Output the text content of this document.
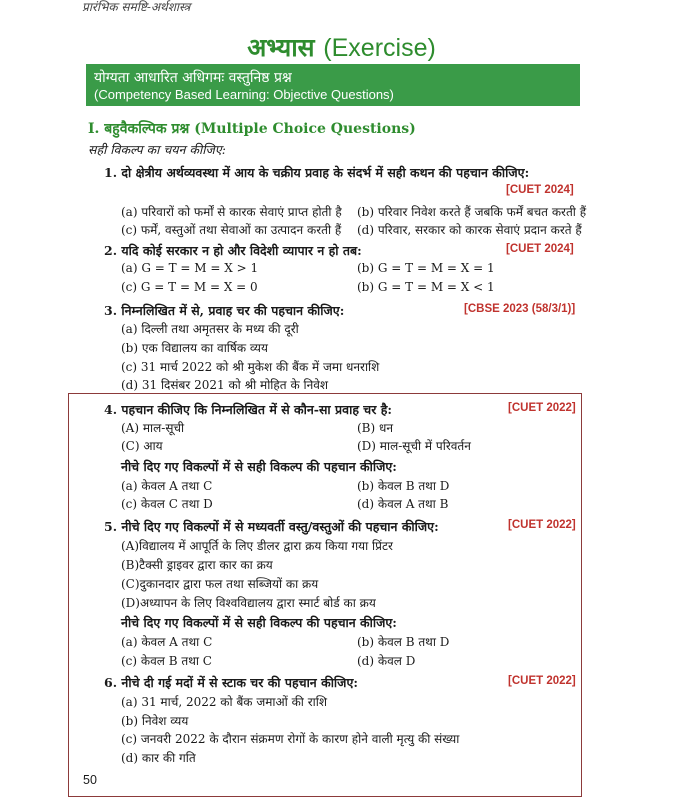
प्रारंभिक समष्टि-अर्थशास्त्र
अभ्यास (Exercise)
योग्यता आधारित अधिगमः वस्तुनिष्ठ प्रश्न
(Competency Based Learning: Objective Questions)
I. बहुवैकल्पिक प्रश्न (Multiple Choice Questions)
सही विकल्प का चयन कीजिए:
1. दो क्षेत्रीय अर्थव्यवस्था में आय के चक्रीय प्रवाह के संदर्भ में सही कथन की पहचान कीजिए:
[CUET 2024]
(a) परिवारों को फर्मों से कारक सेवाएं प्राप्त होती है (b) परिवार निवेश करते हैं जबकि फर्में बचत करती हैं
(c) फर्में, वस्तुओं तथा सेवाओं का उत्पादन करती हैं (d) परिवार, सरकार को कारक सेवाएं प्रदान करते हैं
2. यदि कोई सरकार न हो और विदेशी व्यापार न हो तब:	[CUET 2024]
(a) G = T = M = X > 1	(b) G = T = M = X = 1
(c) G = T = M = X = 0	(b) G = T = M = X < 1
3. निम्नलिखित में से, प्रवाह चर की पहचान कीजिए:	[CBSE 2023 (58/3/1)]
(a) दिल्ली तथा अमृतसर के मध्य की दूरी
(b) एक विद्यालय का वार्षिक व्यय
(c) 31 मार्च 2022 को श्री मुकेश की बैंक में जमा धनराशि
(d) 31 दिसंबर 2021 को श्री मोहित के निवेश
4. पहचान कीजिए कि निम्नलिखित में से कौन-सा प्रवाह चर है:	[CUET 2022]
(A) माल-सूची	(B) धन
(C) आय	(D) माल-सूची में परिवर्तन
नीचे दिए गए विकल्पों में से सही विकल्प की पहचान कीजिए:
(a) केवल A तथा C	(b) केवल B तथा D
(c) केवल C तथा D	(d) केवल A तथा B
5. नीचे दिए गए विकल्पों में से मध्यवर्ती वस्तु/वस्तुओं की पहचान कीजिए:	[CUET 2022]
(A)विद्यालय में आपूर्ति के लिए डीलर द्वारा क्रय किया गया प्रिंटर
(B)टैक्सी ड्राइवर द्वारा कार का क्रय
(C)दुकानदार द्वारा फल तथा सब्जियों का क्रय
(D)अध्यापन के लिए विश्वविद्यालय द्वारा स्मार्ट बोर्ड का क्रय
नीचे दिए गए विकल्पों में से सही विकल्प की पहचान कीजिए:
(a) केवल A तथा C	(b) केवल B तथा D
(c) केवल B तथा C	(d) केवल D
6. नीचे दी गई मदों में से स्टाक चर की पहचान कीजिए:	[CUET 2022]
(a) 31 मार्च, 2022 को बैंक जमाओं की राशि
(b) निवेश व्यय
(c) जनवरी 2022 के दौरान संक्रमण रोगों के कारण होने वाली मृत्यु की संख्या
(d) कार की गति
50
